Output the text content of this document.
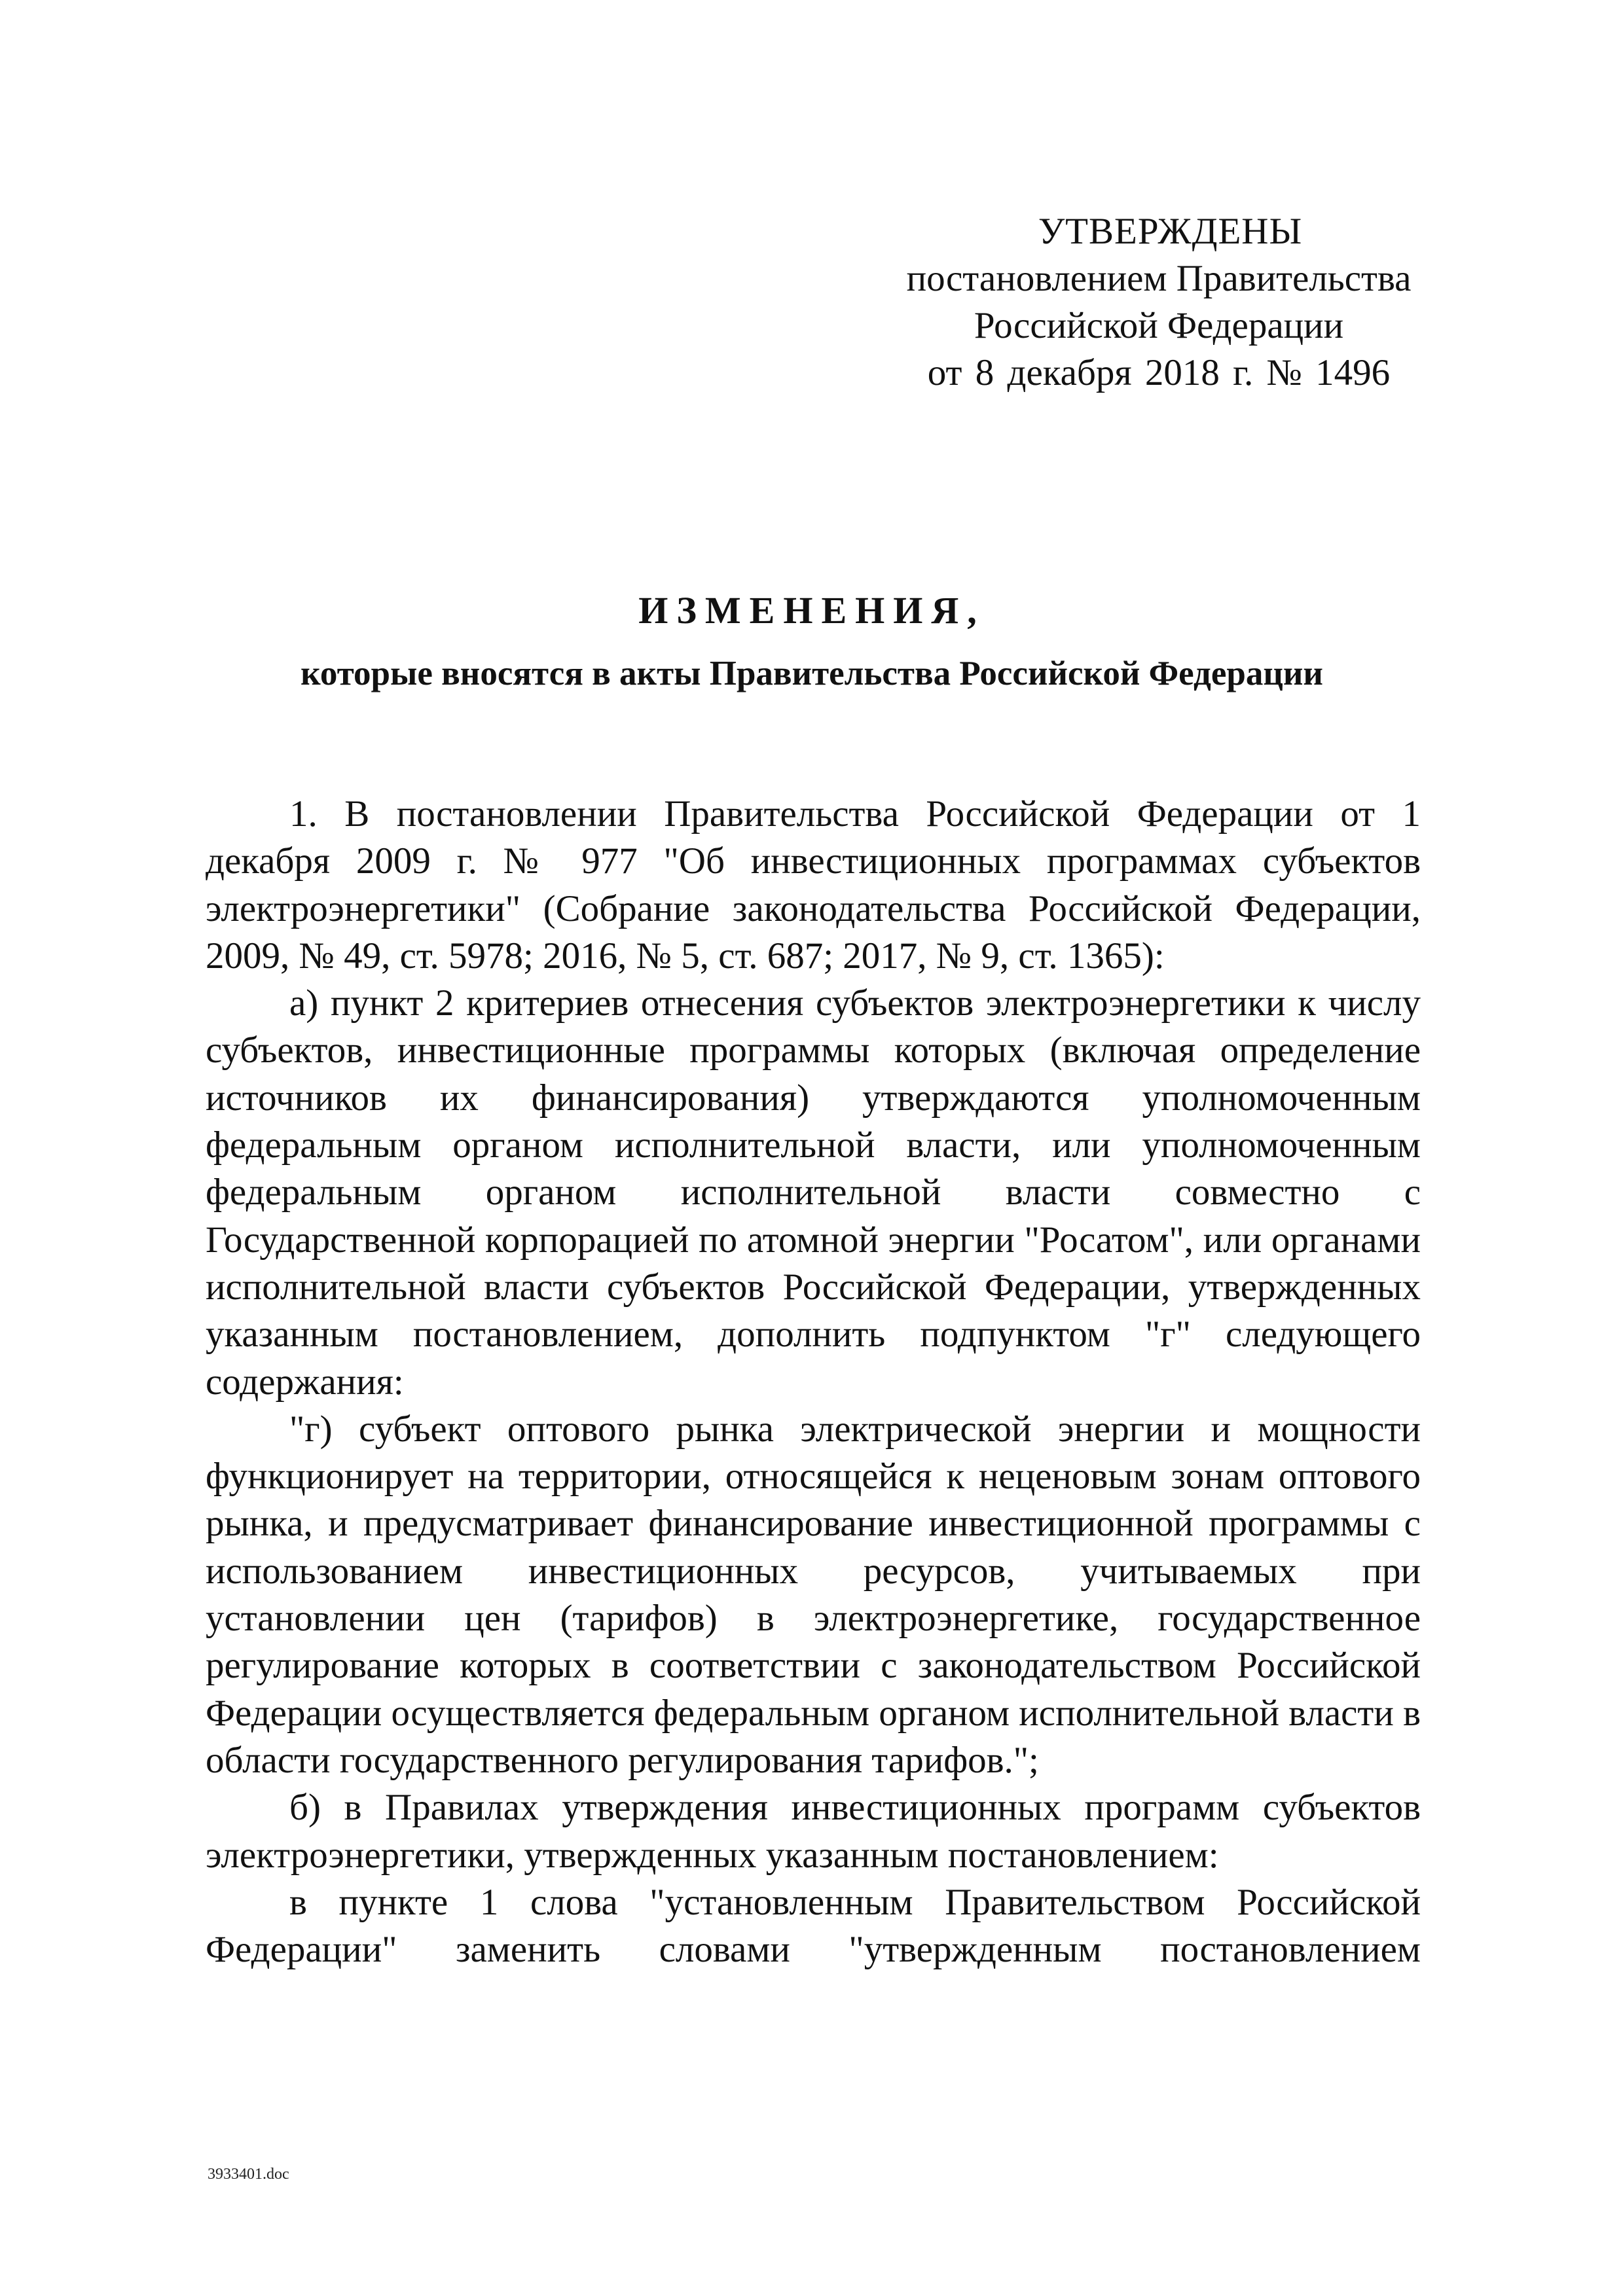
УТВЕРЖДЕНЫ
постановлением Правительства
Российской Федерации
от 8 декабря 2018 г. № 1496
ИЗМЕНЕНИЯ,
которые вносятся в акты Правительства Российской Федерации

1. В постановлении Правительства Российской Федерации от 1 декабря 2009 г. № 977 "Об инвестиционных программах субъектов электроэнергетики" (Собрание законодательства Российской Федерации, 2009, № 49, ст. 5978; 2016, № 5, ст. 687; 2017, № 9, ст. 1365):

а) пункт 2 критериев отнесения субъектов электроэнергетики к числу субъектов, инвестиционные программы которых (включая определение источников их финансирования) утверждаются уполномоченным федеральным органом исполнительной власти, или уполномоченным федеральным органом исполнительной власти совместно с Государственной корпорацией по атомной энергии "Росатом", или органами исполнительной власти субъектов Российской Федерации, утвержденных указанным постановлением, дополнить подпунктом "г" следующего содержания:

"г) субъект оптового рынка электрической энергии и мощности функционирует на территории, относящейся к неценовым зонам оптового рынка, и предусматривает финансирование инвестиционной программы с использованием инвестиционных ресурсов, учитываемых при установлении цен (тарифов) в электроэнергетике, государственное регулирование которых в соответствии с законодательством Российской Федерации осуществляется федеральным органом исполнительной власти в области государственного регулирования тарифов.";

б) в Правилах утверждения инвестиционных программ субъектов электроэнергетики, утвержденных указанным постановлением:

в пункте 1 слова "установленным Правительством Российской Федерации" заменить словами "утвержденным постановлением

3933401.doc
